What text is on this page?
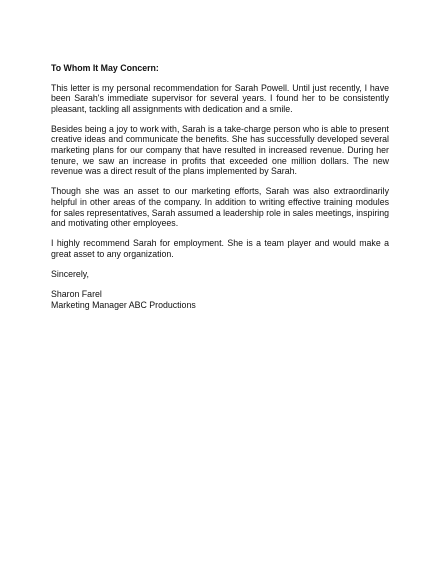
To Whom It May Concern:

This letter is my personal recommendation for Sarah Powell. Until just recently, I have been Sarah's immediate supervisor for several years. I found her to be consistently pleasant, tackling all assignments with dedication and a smile.

Besides being a joy to work with, Sarah is a take-charge person who is able to present creative ideas and communicate the benefits. She has successfully developed several marketing plans for our company that have resulted in increased revenue. During her tenure, we saw an increase in profits that exceeded one million dollars. The new revenue was a direct result of the plans implemented by Sarah.

Though she was an asset to our marketing efforts, Sarah was also extraordinarily helpful in other areas of the company. In addition to writing effective training modules for sales representatives, Sarah assumed a leadership role in sales meetings, inspiring and motivating other employees.

I highly recommend Sarah for employment. She is a team player and would make a great asset to any organization.

Sincerely,

Sharon Farel
Marketing Manager ABC Productions
